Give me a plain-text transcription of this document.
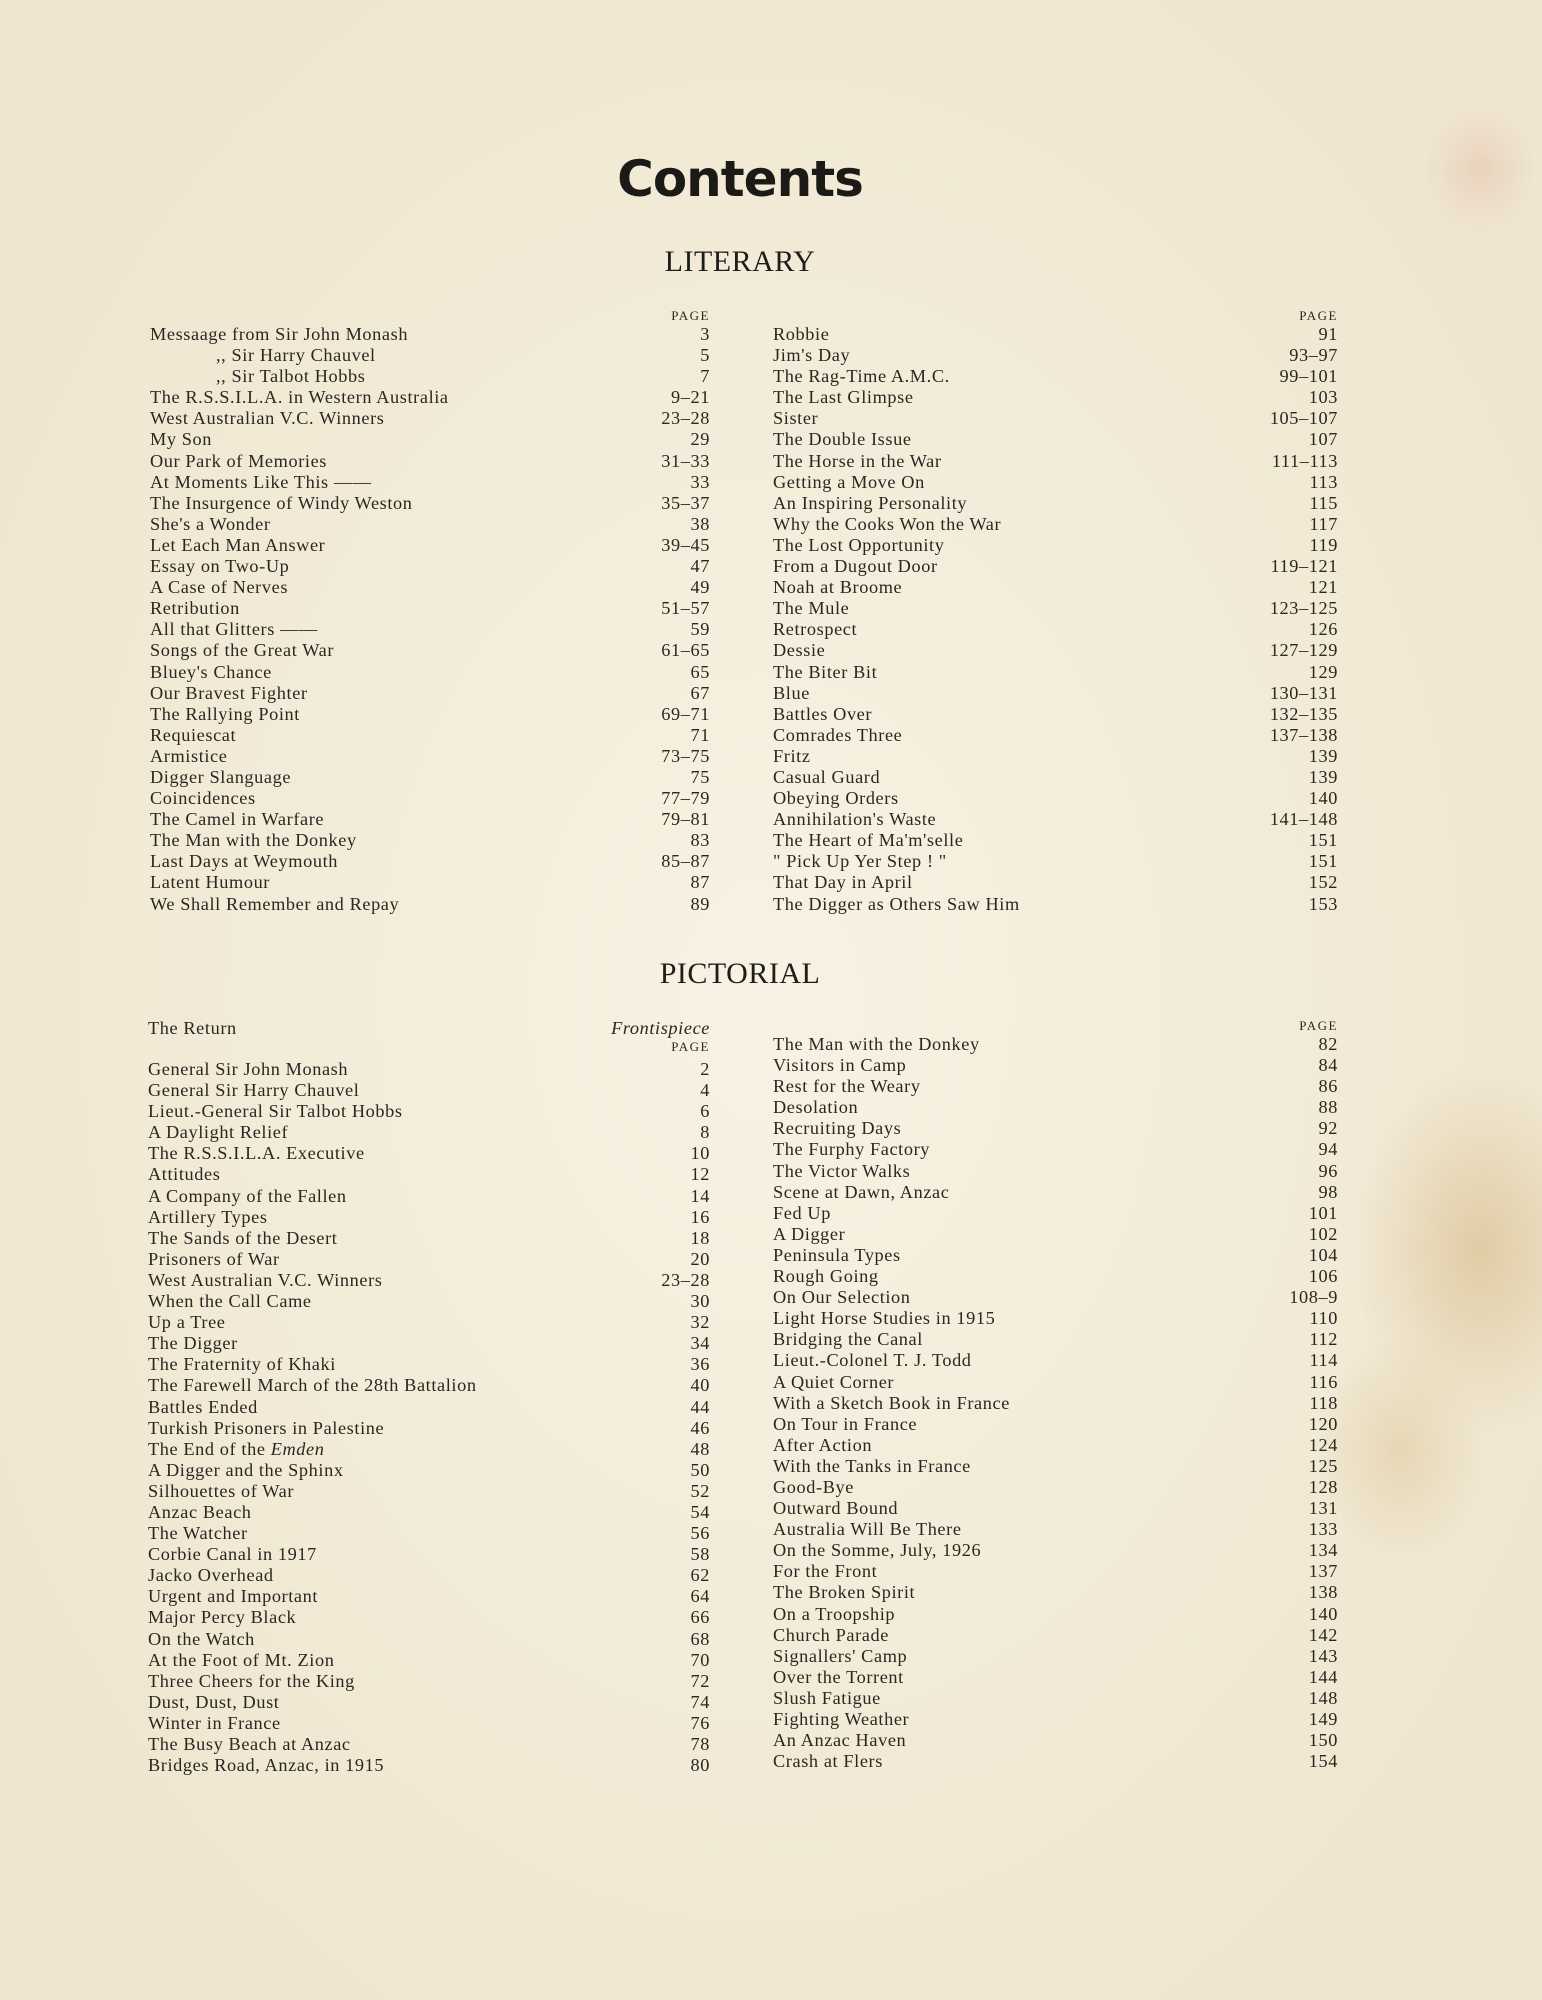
Contents
LITERARY
PAGE
Messaage from Sir John Monash	3
,, Sir Harry Chauvel	5
,, Sir Talbot Hobbs	7
The R.S.S.I.L.A. in Western Australia	9–21
West Australian V.C. Winners	23–28
My Son	29
Our Park of Memories	31–33
At Moments Like This ——	33
The Insurgence of Windy Weston	35–37
She's a Wonder	38
Let Each Man Answer	39–45
Essay on Two-Up	47
A Case of Nerves	49
Retribution	51–57
All that Glitters ——	59
Songs of the Great War	61–65
Bluey's Chance	65
Our Bravest Fighter	67
The Rallying Point	69–71
Requiescat	71
Armistice	73–75
Digger Slanguage	75
Coincidences	77–79
The Camel in Warfare	79–81
The Man with the Donkey	83
Last Days at Weymouth	85–87
Latent Humour	87
We Shall Remember and Repay	89
PAGE
Robbie	91
Jim's Day	93–97
The Rag-Time A.M.C.	99–101
The Last Glimpse	103
Sister	105–107
The Double Issue	107
The Horse in the War	111–113
Getting a Move On	113
An Inspiring Personality	115
Why the Cooks Won the War	117
The Lost Opportunity	119
From a Dugout Door	119–121
Noah at Broome	121
The Mule	123–125
Retrospect	126
Dessie	127–129
The Biter Bit	129
Blue	130–131
Battles Over	132–135
Comrades Three	137–138
Fritz	139
Casual Guard	139
Obeying Orders	140
Annihilation's Waste	141–148
The Heart of Ma'm'selle	151
" Pick Up Yer Step ! "	151
That Day in April	152
The Digger as Others Saw Him	153
PICTORIAL
The Return	Frontispiece
PAGE
General Sir John Monash	2
General Sir Harry Chauvel	4
Lieut.-General Sir Talbot Hobbs	6
A Daylight Relief	8
The R.S.S.I.L.A. Executive	10
Attitudes	12
A Company of the Fallen	14
Artillery Types	16
The Sands of the Desert	18
Prisoners of War	20
West Australian V.C. Winners	23–28
When the Call Came	30
Up a Tree	32
The Digger	34
The Fraternity of Khaki	36
The Farewell March of the 28th Battalion	40
Battles Ended	44
Turkish Prisoners in Palestine	46
The End of the Emden	48
A Digger and the Sphinx	50
Silhouettes of War	52
Anzac Beach	54
The Watcher	56
Corbie Canal in 1917	58
Jacko Overhead	62
Urgent and Important	64
Major Percy Black	66
On the Watch	68
At the Foot of Mt. Zion	70
Three Cheers for the King	72
Dust, Dust, Dust	74
Winter in France	76
The Busy Beach at Anzac	78
Bridges Road, Anzac, in 1915	80
PAGE
The Man with the Donkey	82
Visitors in Camp	84
Rest for the Weary	86
Desolation	88
Recruiting Days	92
The Furphy Factory	94
The Victor Walks	96
Scene at Dawn, Anzac	98
Fed Up	101
A Digger	102
Peninsula Types	104
Rough Going	106
On Our Selection	108–9
Light Horse Studies in 1915	110
Bridging the Canal	112
Lieut.-Colonel T. J. Todd	114
A Quiet Corner	116
With a Sketch Book in France	118
On Tour in France	120
After Action	124
With the Tanks in France	125
Good-Bye	128
Outward Bound	131
Australia Will Be There	133
On the Somme, July, 1926	134
For the Front	137
The Broken Spirit	138
On a Troopship	140
Church Parade	142
Signallers' Camp	143
Over the Torrent	144
Slush Fatigue	148
Fighting Weather	149
An Anzac Haven	150
Crash at Flers	154
